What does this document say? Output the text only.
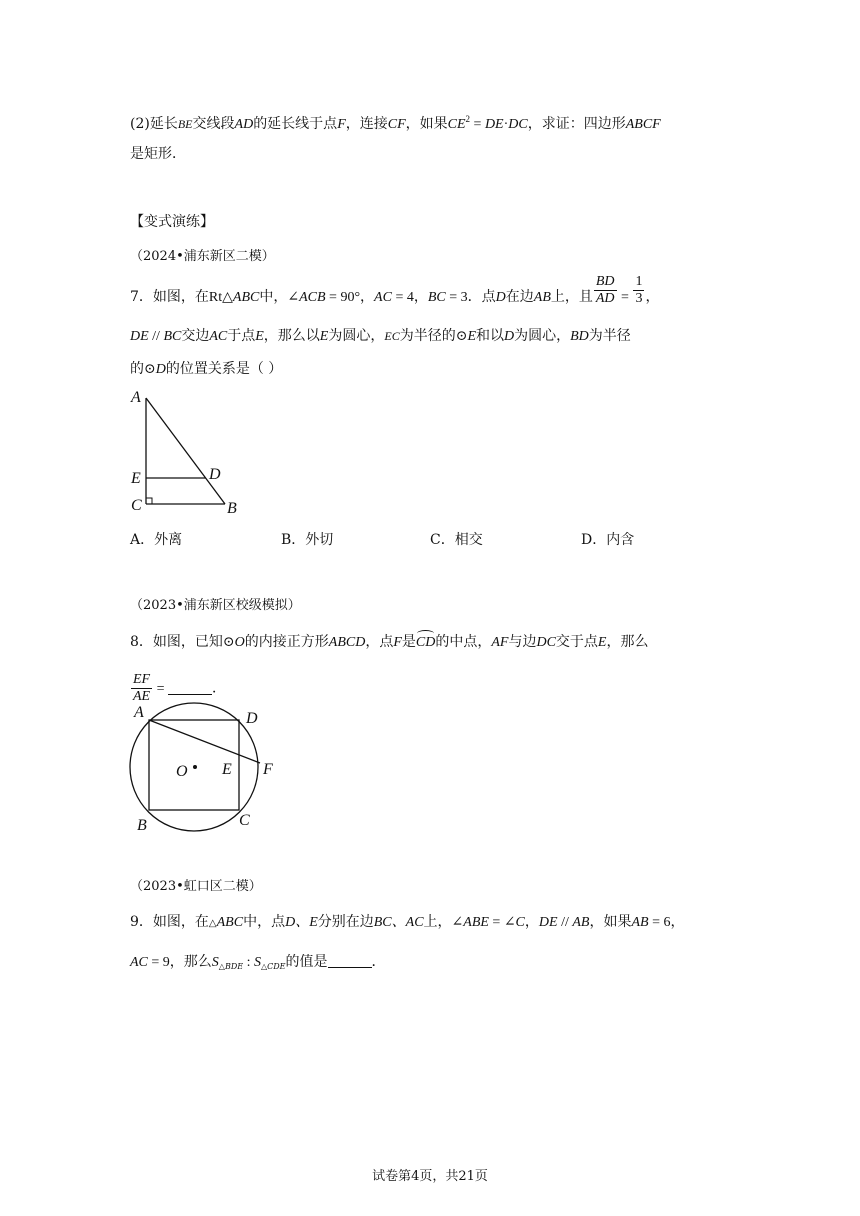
(2)延长BE交线段AD的延长线于点F，连接CF，如果$CE^2 = DE\cdot DC$，求证：四边形ABCF
是矩形．
【变式演练】
（2024•浦东新区二模）
7．如图，在Rt△ABC中，∠ACB = 90°，AC = 4，BC = 3．点D在边AB上，且 $\frac{BD}{AD} = \frac{1}{3}$ ，
DE // BC交边AC于点E，那么以E为圆心，EC为半径的⊙E和以D为圆心，BD为半径
的⊙D的位置关系是（ ）
A
E	D
C	B
A．外离	B．外切	C．相交	D．内含
（2023•浦东新区校级模拟）
8．如图，已知⊙O的内接正方形ABCD，点F是CD的中点，AF与边DC交于点E，那么
$\frac{EF}{AE}$ =	．
A	D
O E F
B	C
（2023•虹口区二模）
9．如图，在△ABC中，点D、E分别在边BC、AC上，∠ABE = ∠C，DE // AB，如果AB = 6，
AC = 9，那么$S_{\triangle BDE}$ : $S_{\triangle CDE}$的值是	．
试卷第4页，共21页
